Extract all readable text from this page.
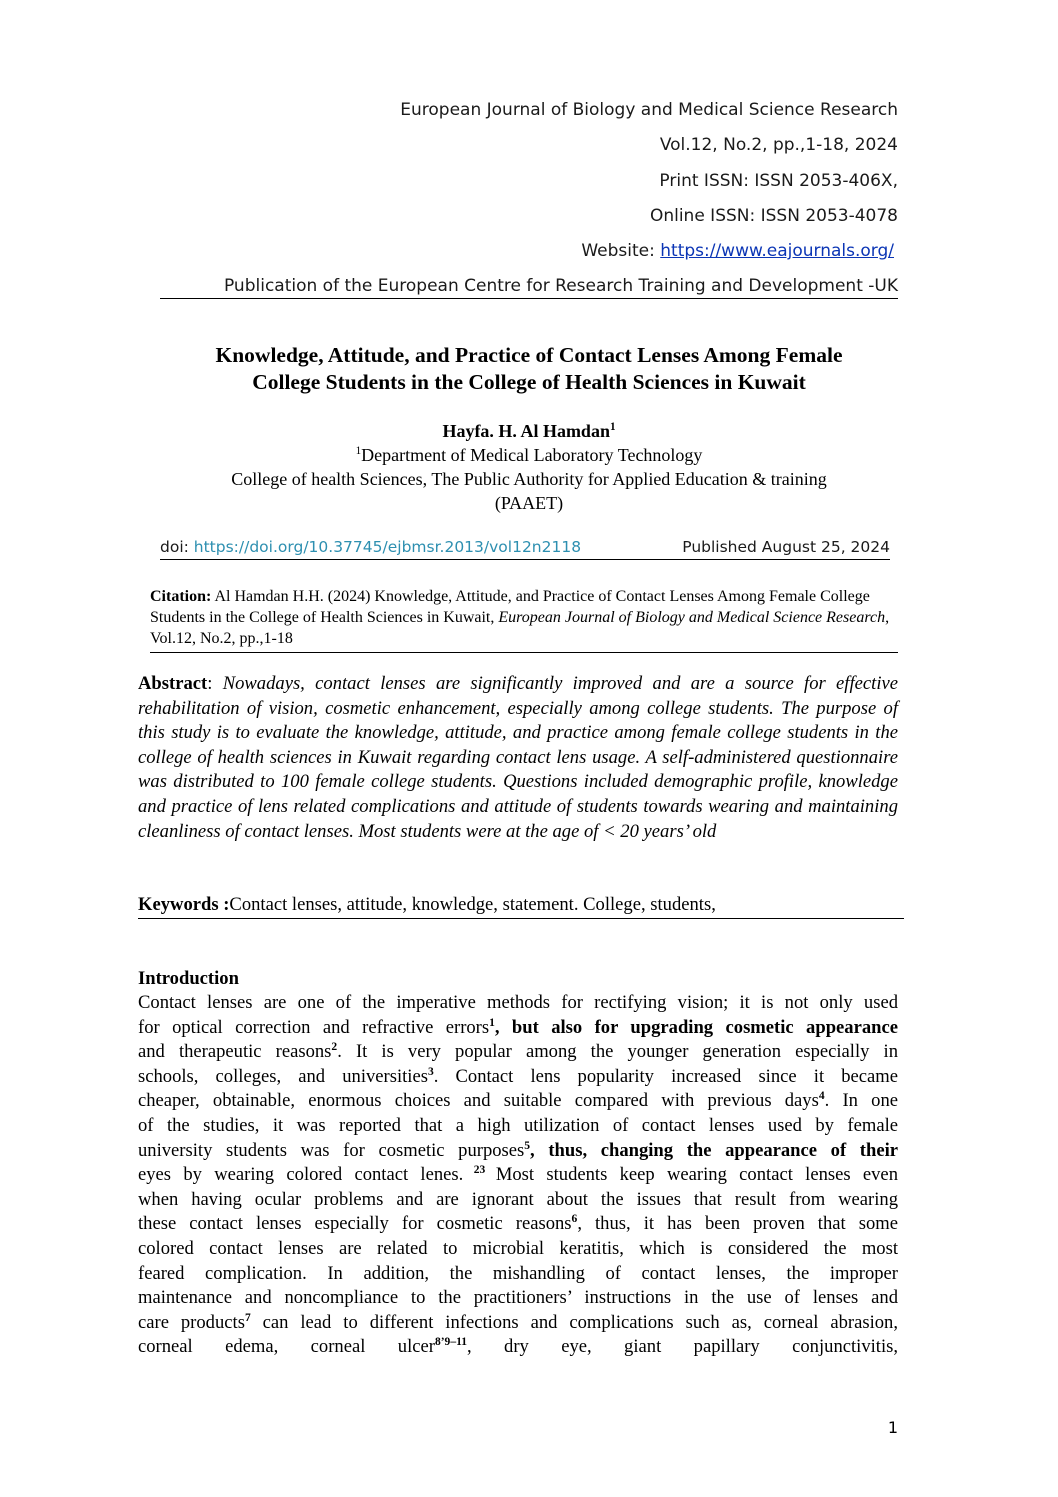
European Journal of Biology and Medical Science Research
Vol.12, No.2, pp.,1-18, 2024
Print ISSN: ISSN 2053-406X,
Online ISSN: ISSN 2053-4078
Website: https://www.eajournals.org/
Publication of the European Centre for Research Training and Development -UK
Knowledge, Attitude, and Practice of Contact Lenses Among Female
College Students in the College of Health Sciences in Kuwait
Hayfa. H. Al Hamdan$^1$
$^1$Department of Medical Laboratory Technology
College of health Sciences, The Public Authority for Applied Education & training
(PAAET)
doi: https://doi.org/10.37745/ejbmsr.2013/vol12n2118	Published August 25, 2024
Citation: Al Hamdan H.H. (2024) Knowledge, Attitude, and Practice of Contact Lenses Among Female College Students in the College of Health Sciences in Kuwait, European Journal of Biology and Medical Science Research, Vol.12, No.2, pp.,1-18
Abstract: Nowadays, contact lenses are significantly improved and are a source for effective rehabilitation of vision, cosmetic enhancement, especially among college students. The purpose of this study is to evaluate the knowledge, attitude, and practice among female college students in the college of health sciences in Kuwait regarding contact lens usage. A self-administered questionnaire was distributed to 100 female college students. Questions included demographic profile, knowledge and practice of lens related complications and attitude of students towards wearing and maintaining cleanliness of contact lenses. Most students were at the age of < 20 years’ old
Keywords :Contact lenses, attitude, knowledge, statement. College, students,
Introduction
Contact lenses are one of the imperative methods for rectifying vision; it is not only used
for optical correction and refractive errors$^1$, but also for upgrading cosmetic appearance
and therapeutic reasons$^2$. It is very popular among the younger generation especially in
schools, colleges, and universities$^3$. Contact lens popularity increased since it became
cheaper, obtainable, enormous choices and suitable compared with previous days$^4$. In one
of the studies, it was reported that a high utilization of contact lenses used by female
university students was for cosmetic purposes$^5$, thus, changing the appearance of their
eyes by wearing colored contact lenes. $^{23}$ Most students keep wearing contact lenses even
when having ocular problems and are ignorant about the issues that result from wearing
these contact lenses especially for cosmetic reasons$^6$, thus, it has been proven that some
colored contact lenses are related to microbial keratitis, which is considered the most
feared complication. In addition, the mishandling of contact lenses, the improper
maintenance and noncompliance to the practitioners’ instructions in the use of lenses and
care products$^7$ can lead to different infections and complications such as, corneal abrasion,
corneal edema, corneal ulcer$^{8’9-11}$, dry eye, giant papillary conjunctivitis,
1
